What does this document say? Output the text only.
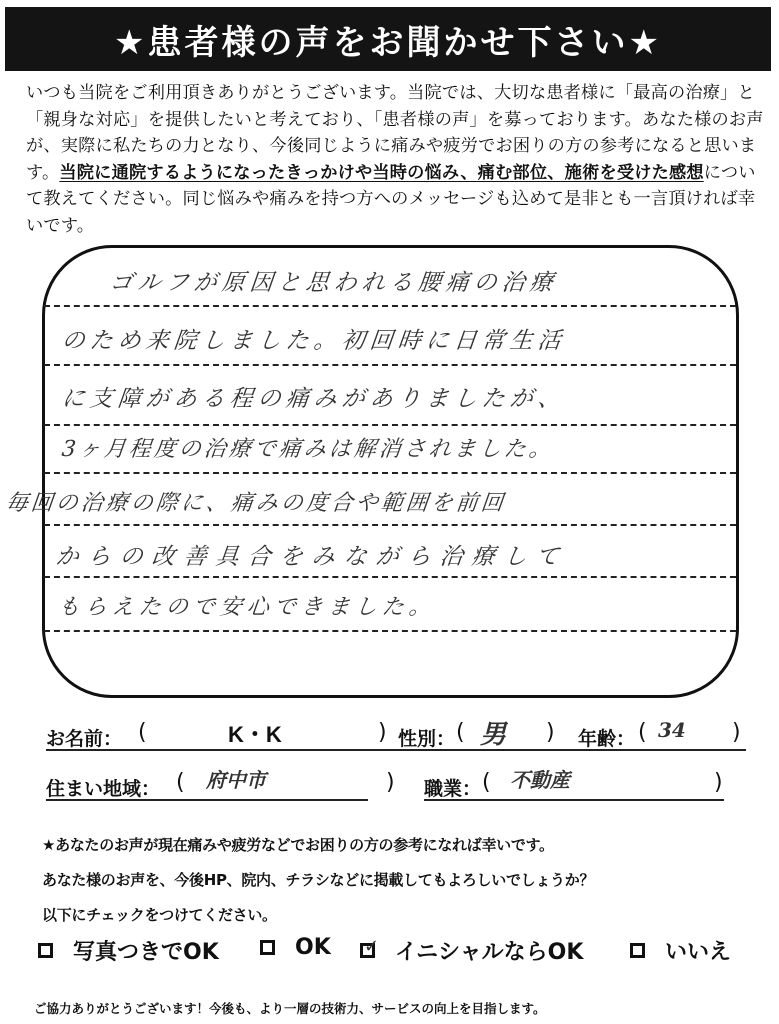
★患者様の声をお聞かせ下さい★
いつも当院をご利用頂きありがとうございます。当院では、大切な患者様に「最高の治療」と「親身な対応」を提供したいと考えており、「患者様の声」を募っております。あなた様のお声が、実際に私たちの力となり、今後同じように痛みや疲労でお困りの方の参考になると思います。当院に通院するようになったきっかけや当時の悩み、痛む部位、施術を受けた感想について教えてください。同じ悩みや痛みを持つ方へのメッセージも込めて是非とも一言頂ければ幸いです。
ゴルフが原因と思われる腰痛の治療
のため来院しました。初回時に日常生活
に支障がある程の痛みがありましたが、
3ヶ月程度の治療で痛みは解消されました。
毎回の治療の際に、痛みの度合や範囲を前回
からの改善具合をみながら治療して
もらえたので安心できました。
お名前： (	K・K	) 性別： ( 男 ) 年齢： ( 34 )
住まい地域： ( 府中市	) 職業： ( 不動産	)
★あなたのお声が現在痛みや疲労などでお困りの方の参考になれば幸いです。
あなた様のお声を、今後HP、院内、チラシなどに掲載してもよろしいでしょうか？
以下にチェックをつけてください。
写真つきでOK	OK ✓ イニシャルならOK	いいえ
ご協力ありがとうございます！今後も、より一層の技術力、サービスの向上を目指します。
